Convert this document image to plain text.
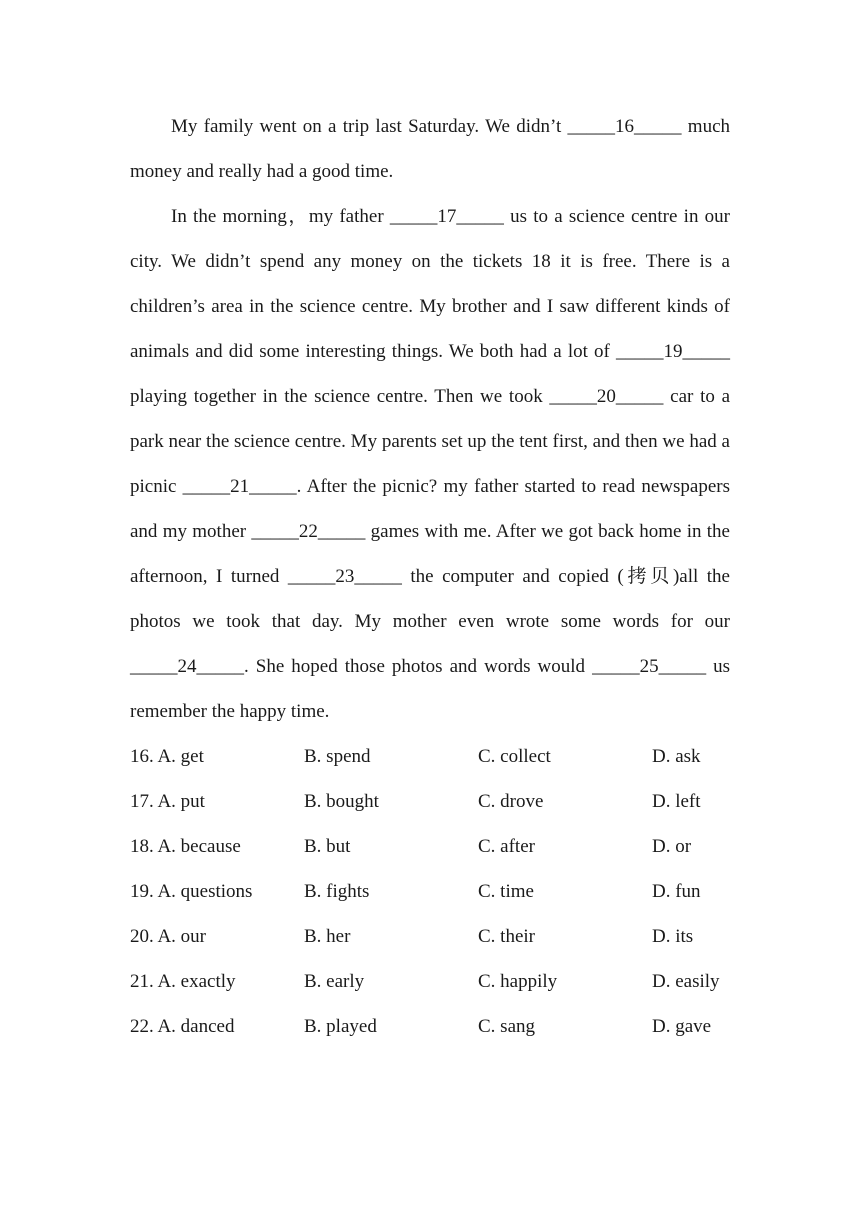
My family went on a trip last Saturday. We didn’t _____16_____ much money and really had a good time.

In the morning，my father _____17_____ us to a science centre in our city. We didn’t spend any money on the tickets 18 it is free. There is a children’s area in the science centre. My brother and I saw different kinds of animals and did some interesting things. We both had a lot of _____19_____ playing together in the science centre. Then we took _____20_____ car to a park near the science centre. My parents set up the tent first, and then we had a picnic _____21_____. After the picnic? my father started to read newspapers and my mother _____22_____ games with me. After we got back home in the afternoon, I turned _____23_____ the computer and copied (拷贝)all the photos we took that day. My mother even wrote some words for our _____24_____. She hoped those photos and words would _____25_____ us remember the happy time.

16. A. get	B. spend	C. collect	D. ask
17. A. put	B. bought	C. drove	D. left
18. A. because	B. but	C. after	D. or
19. A. questions	B. fights	C. time	D. fun
20. A. our	B. her	C. their	D. its
21. A. exactly	B. early	C. happily	D. easily
22. A. danced	B. played	C. sang	D. gave
